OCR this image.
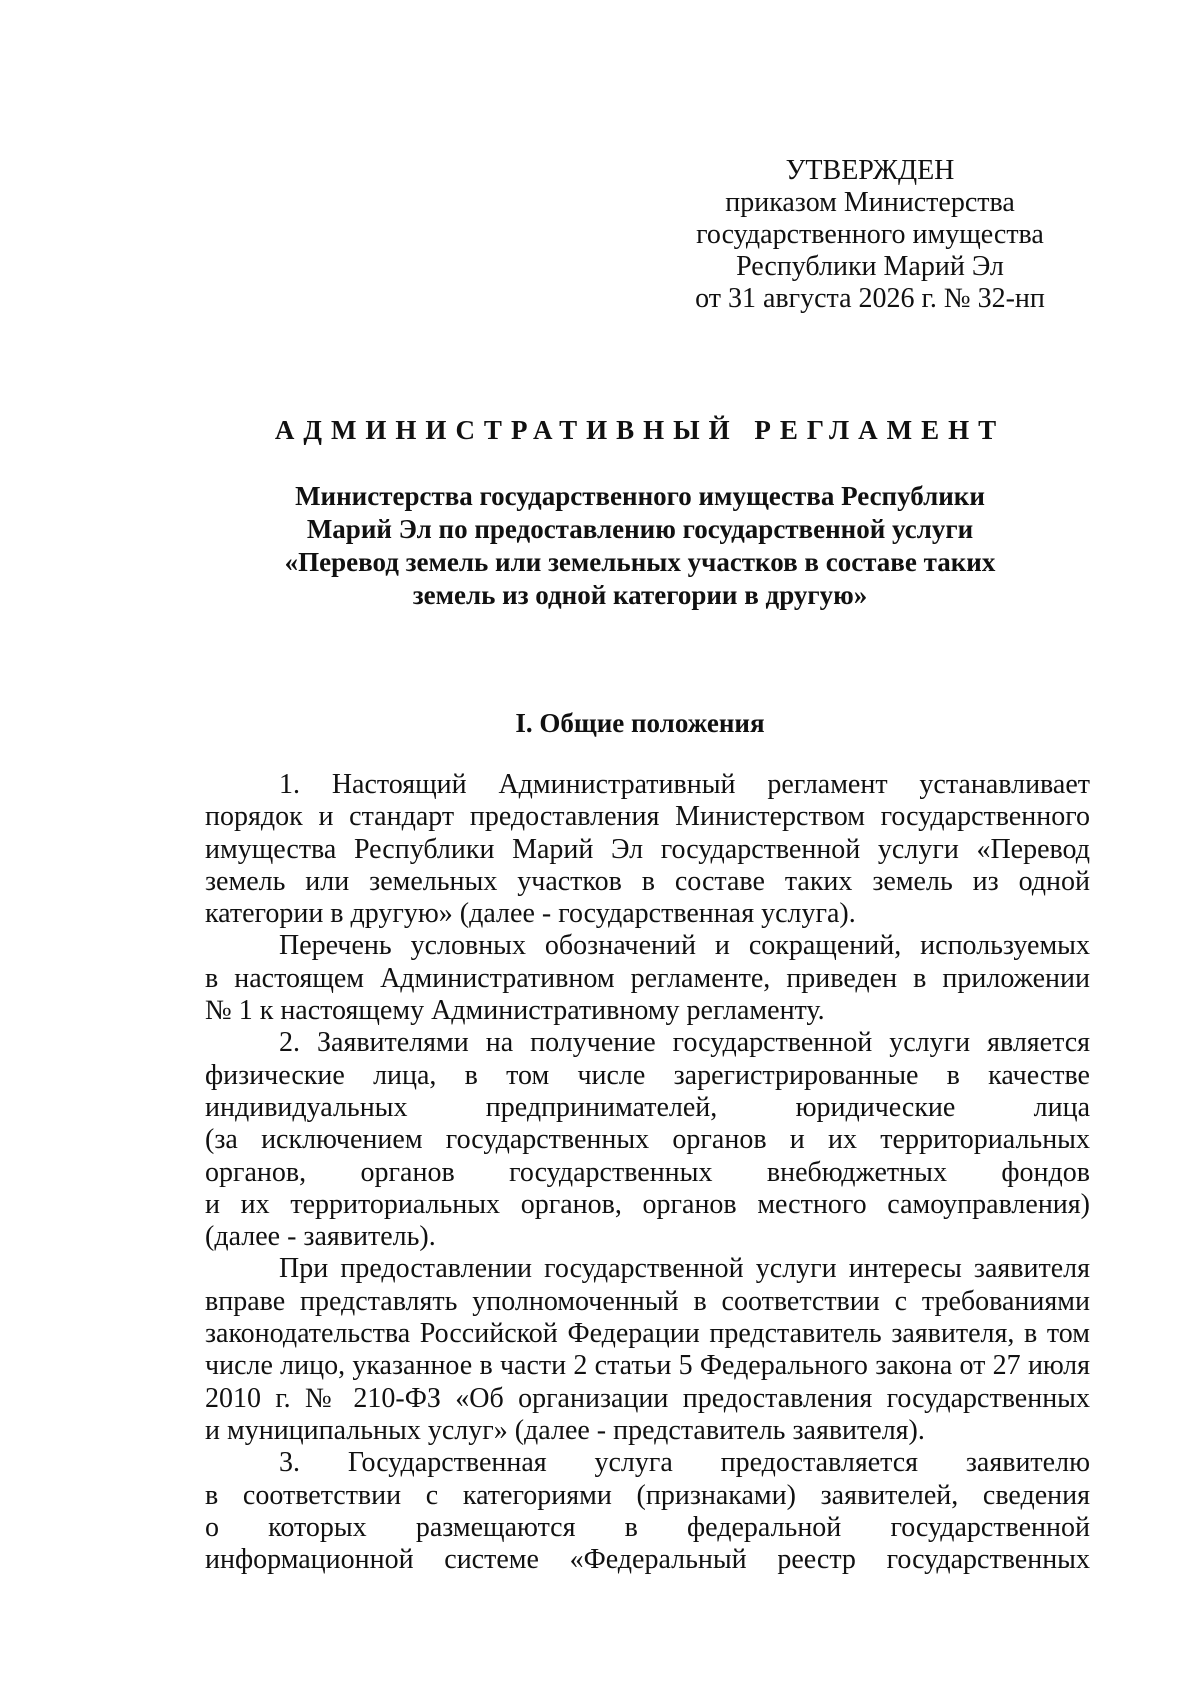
УТВЕРЖДЕН
приказом Министерства
государственного имущества
Республики Марий Эл
от 31 августа 2026 г. № 32-нп
АДМИНИСТРАТИВНЫЙ РЕГЛАМЕНТ
Министерства государственного имущества Республики
Марий Эл по предоставлению государственной услуги
«Перевод земель или земельных участков в составе таких
земель из одной категории в другую»
I. Общие положения
1. Настоящий Административный регламент устанавливает
порядок и стандарт предоставления Министерством государственного
имущества Республики Марий Эл государственной услуги «Перевод
земель или земельных участков в составе таких земель из одной
категории в другую» (далее - государственная услуга).
Перечень условных обозначений и сокращений, используемых
в настоящем Административном регламенте, приведен в приложении
№ 1 к настоящему Административному регламенту.
2. Заявителями на получение государственной услуги является
физические лица, в том числе зарегистрированные в качестве
индивидуальных предпринимателей, юридические лица
(за исключением государственных органов и их территориальных
органов, органов государственных внебюджетных фондов
и их территориальных органов, органов местного самоуправления)
(далее - заявитель).
При предоставлении государственной услуги интересы заявителя
вправе представлять уполномоченный в соответствии с требованиями
законодательства Российской Федерации представитель заявителя, в том
числе лицо, указанное в части 2 статьи 5 Федерального закона от 27 июля
2010 г. № 210-ФЗ «Об организации предоставления государственных
и муниципальных услуг» (далее - представитель заявителя).
3. Государственная услуга предоставляется заявителю
в соответствии с категориями (признаками) заявителей, сведения
о которых размещаются в федеральной государственной
информационной системе «Федеральный реестр государственных
